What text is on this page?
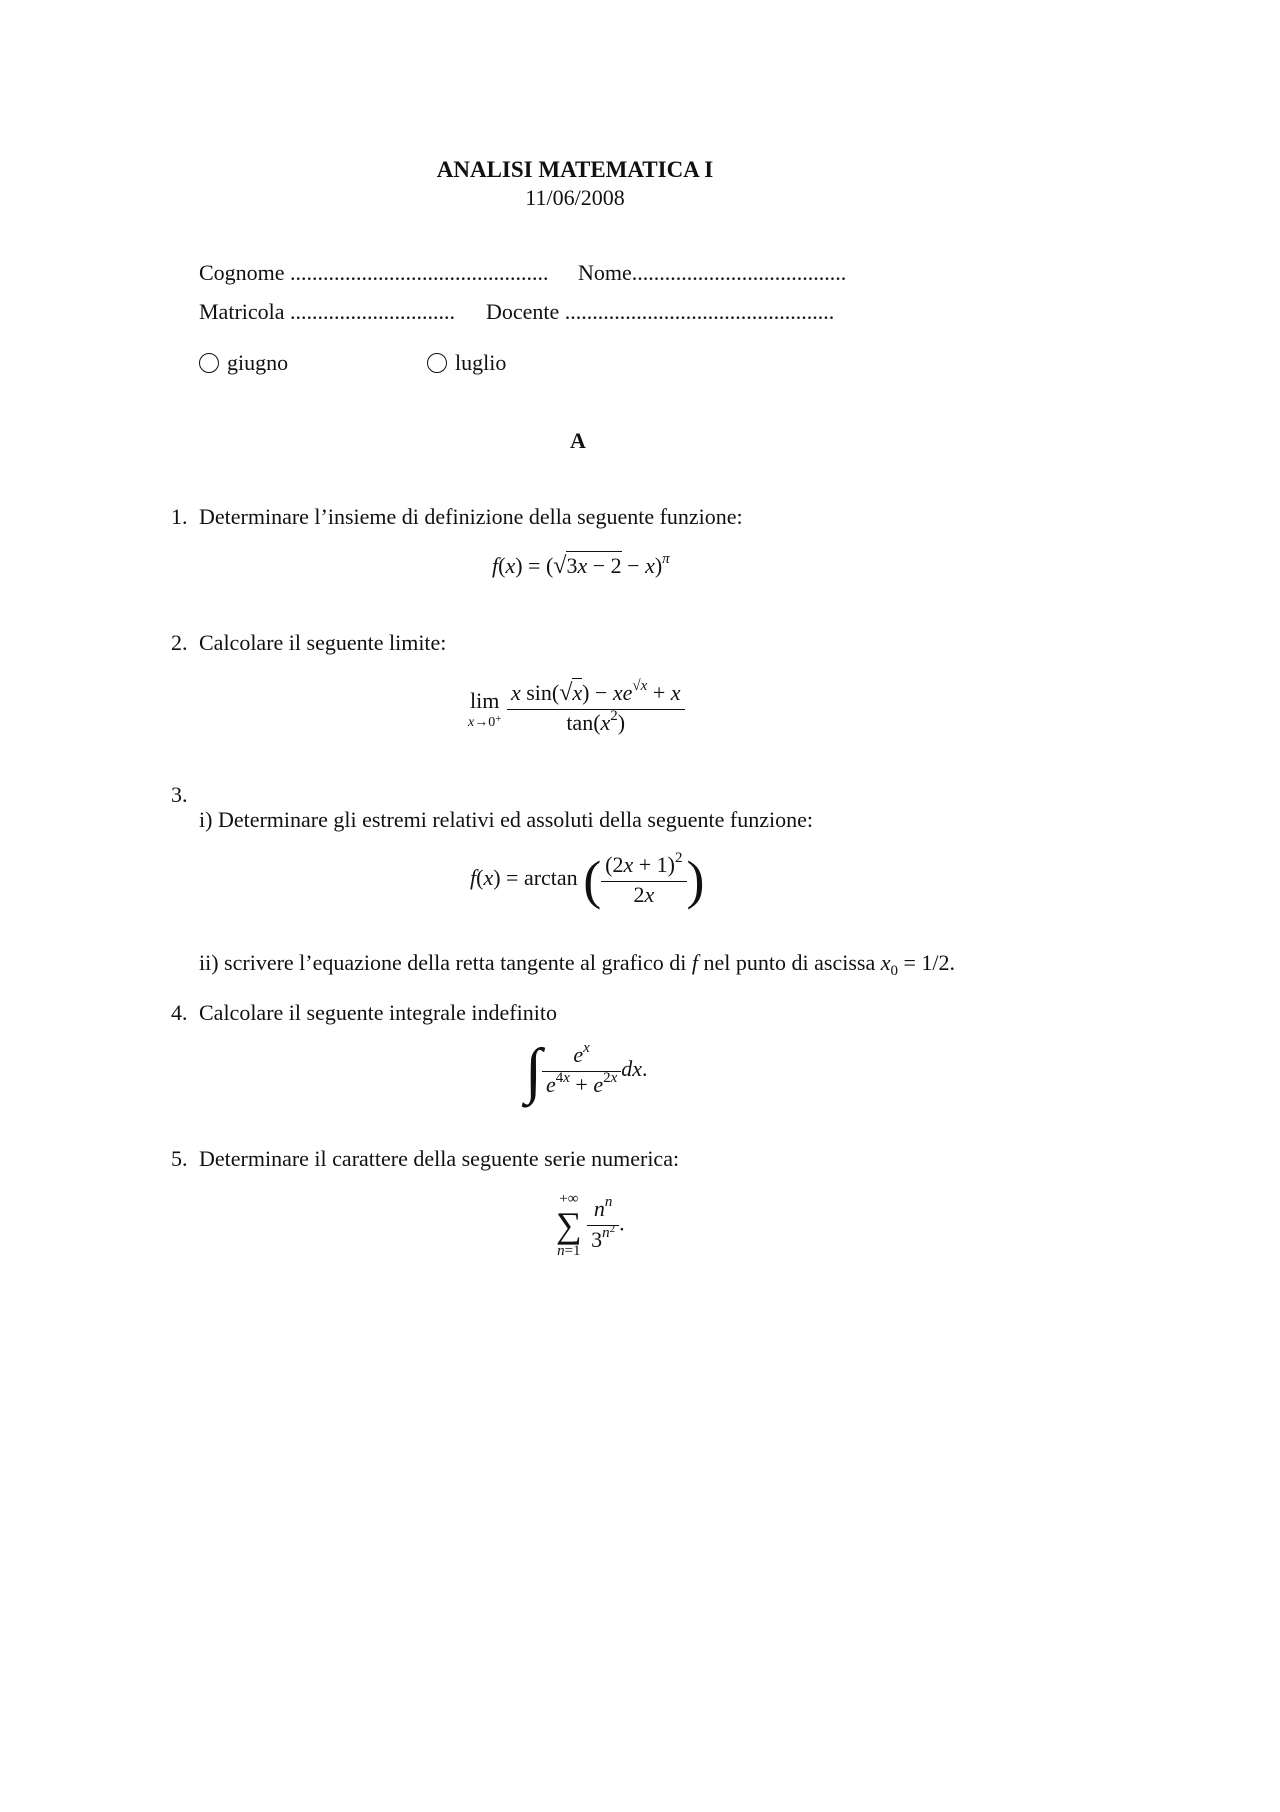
ANALISI MATEMATICA I
11/06/2008
Cognome ............................................... Nome.......................................
Matricola .............................. Docente .................................................
giugno	luglio
A
1. Determinare l’insieme di definizione della seguente funzione:
$f(x) = (√3x - 2 - x)^\pi$
2. Calcolare il seguente limite:
lim
x→0+
$\frac{x \sin(√x) - xe^{√x} + x}{\tan(x^2)}$
3.
i) Determinare gli estremi relativi ed assoluti della seguente funzione:
f(x) = arctan ( $\frac{(2x + 1)^2}{2x}$ )
ii) scrivere l’equazione della retta tangente al grafico di f nel punto di ascissa $x_0 = 1/2$.
4. Calcolare il seguente integrale indefinito
∫ $\frac{e^x}{e^{4x} + e^{2x}}$ dx.
5. Determinare il carattere della seguente serie numerica:
+∞
∑
n=1
$\frac{n^n}{3^{n^2}}$ .
